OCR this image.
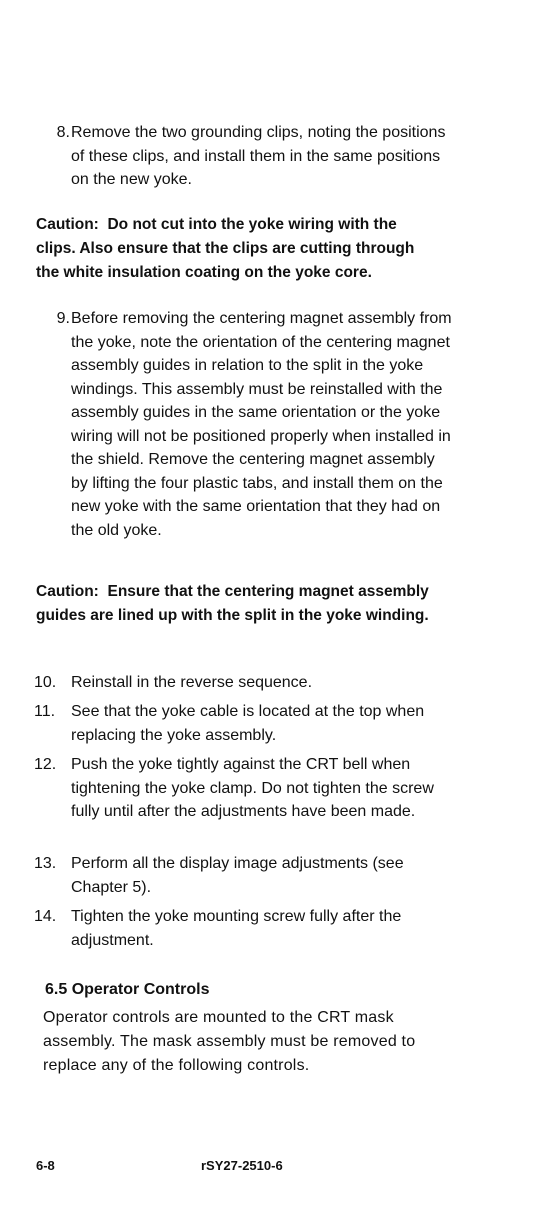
8. Remove the two grounding clips, noting the positions of these clips, and install them in the same positions on the new yoke.
Caution: Do not cut into the yoke wiring with the clips. Also ensure that the clips are cutting through the white insulation coating on the yoke core.
9. Before removing the centering magnet assembly from the yoke, note the orientation of the centering magnet assembly guides in relation to the split in the yoke windings. This assembly must be reinstalled with the assembly guides in the same orientation or the yoke wiring will not be positioned properly when installed in the shield. Remove the centering magnet assembly by lifting the four plastic tabs, and install them on the new yoke with the same orientation that they had on the old yoke.
Caution: Ensure that the centering magnet assembly guides are lined up with the split in the yoke winding.
10. Reinstall in the reverse sequence.
11. See that the yoke cable is located at the top when replacing the yoke assembly.
12. Push the yoke tightly against the CRT bell when tightening the yoke clamp. Do not tighten the screw fully until after the adjustments have been made.
13. Perform all the display image adjustments (see Chapter 5).
14. Tighten the yoke mounting screw fully after the adjustment.
6.5 Operator Controls
Operator controls are mounted to the CRT mask assembly. The mask assembly must be removed to replace any of the following controls.
6-8	rSY27-2510-6
